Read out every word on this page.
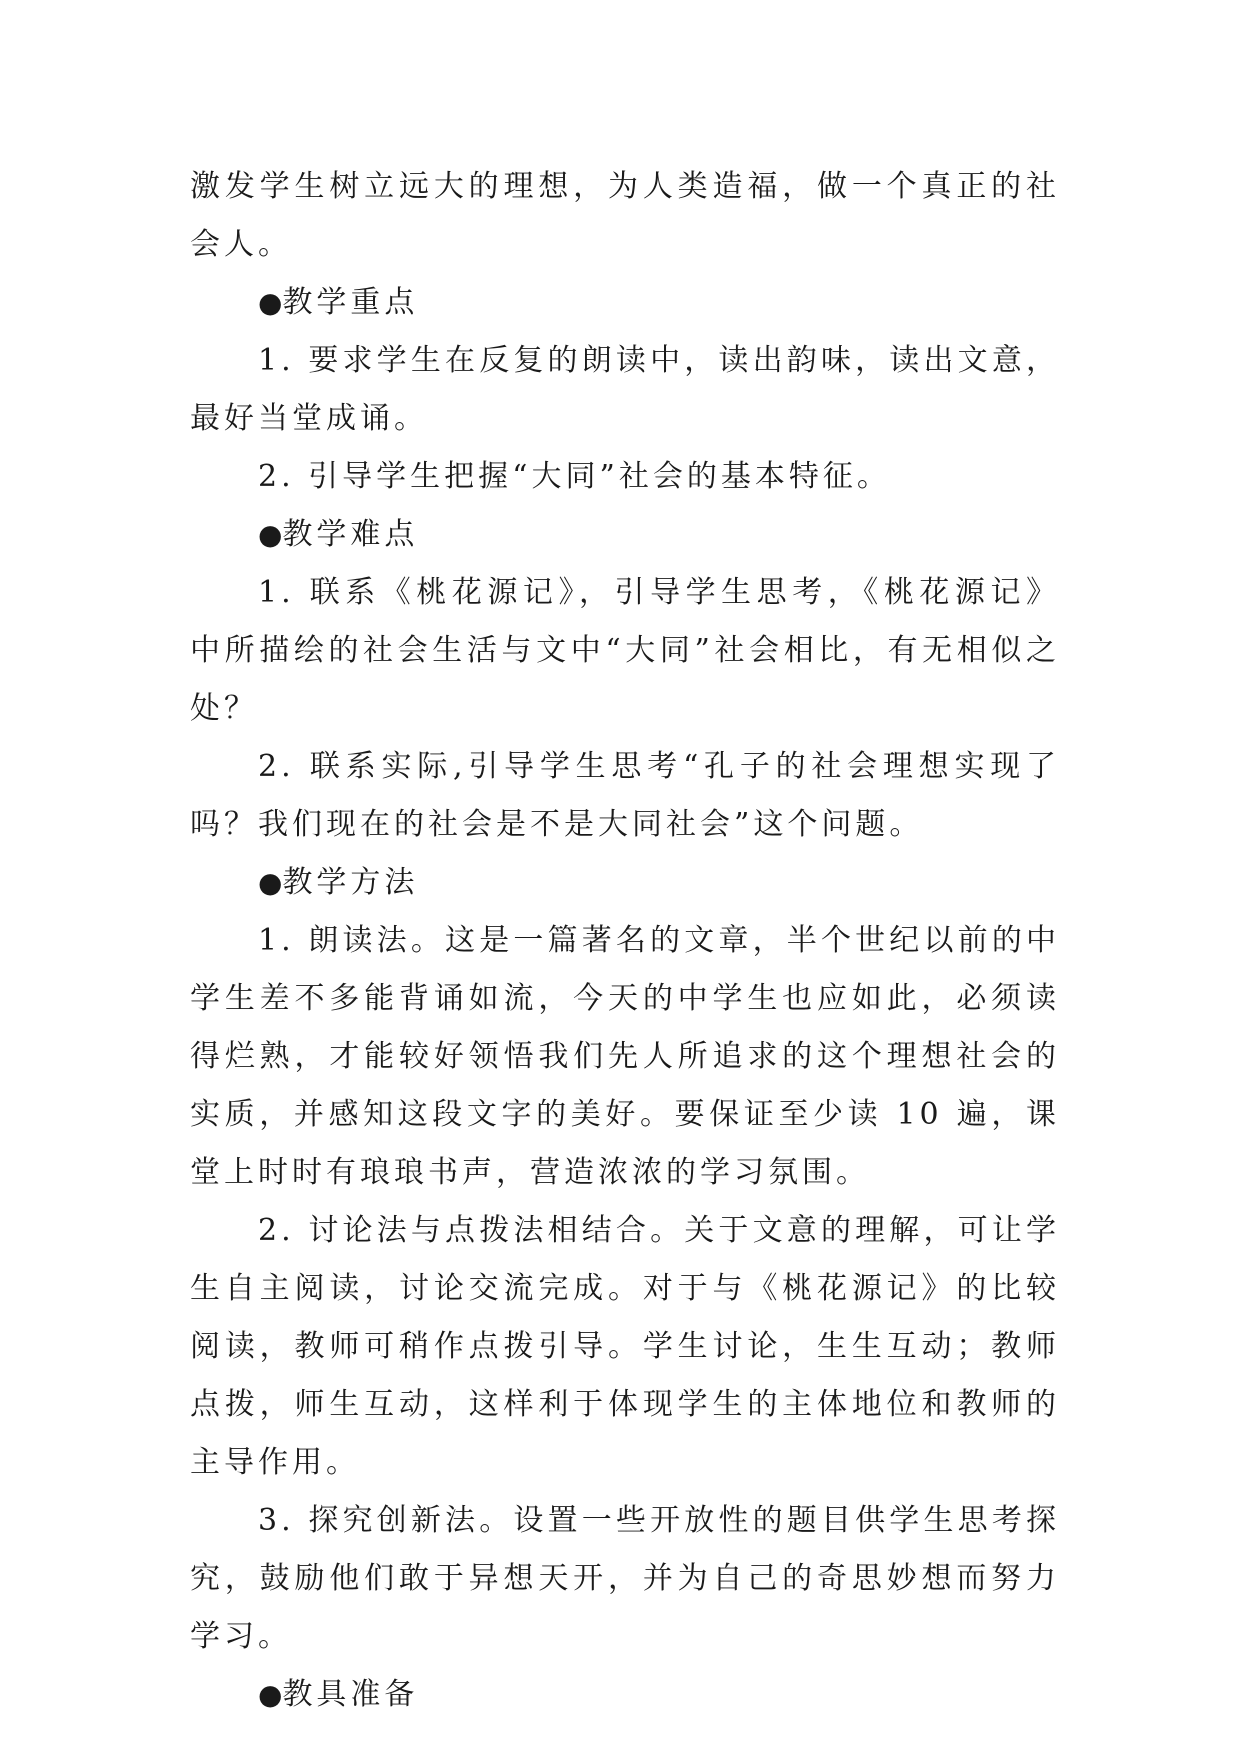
激发学生树立远大的理想，为人类造福，做一个真正的社会人。

●教学重点

1. 要求学生在反复的朗读中，读出韵味，读出文意，最好当堂成诵。

2. 引导学生把握“大同”社会的基本特征。

●教学难点

1. 联系《桃花源记》，引导学生思考，《桃花源记》中所描绘的社会生活与文中“大同”社会相比，有无相似之处？

2. 联系实际,引导学生思考“孔子的社会理想实现了吗？我们现在的社会是不是大同社会”这个问题。

●教学方法

1. 朗读法。这是一篇著名的文章，半个世纪以前的中学生差不多能背诵如流，今天的中学生也应如此，必须读得烂熟，才能较好领悟我们先人所追求的这个理想社会的实质，并感知这段文字的美好。要保证至少读 10 遍，课堂上时时有琅琅书声，营造浓浓的学习氛围。

2. 讨论法与点拨法相结合。关于文意的理解，可让学生自主阅读，讨论交流完成。对于与《桃花源记》的比较阅读，教师可稍作点拨引导。学生讨论，生生互动；教师点拨，师生互动，这样利于体现学生的主体地位和教师的主导作用。

3. 探究创新法。设置一些开放性的题目供学生思考探究，鼓励他们敢于异想天开，并为自己的奇思妙想而努力学习。

●教具准备
